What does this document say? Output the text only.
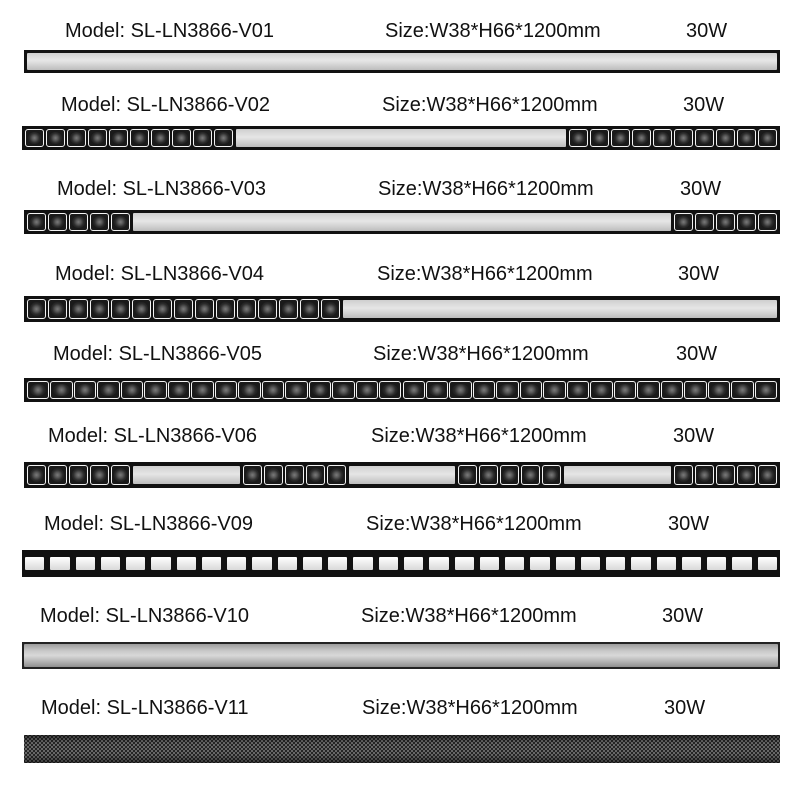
Model: SL-LN3866-V01	Size:W38*H66*1200mm	30W
Model: SL-LN3866-V02	Size:W38*H66*1200mm	30W
Model: SL-LN3866-V03	Size:W38*H66*1200mm	30W
Model: SL-LN3866-V04	Size:W38*H66*1200mm	30W
Model: SL-LN3866-V05	Size:W38*H66*1200mm	30W
Model: SL-LN3866-V06	Size:W38*H66*1200mm	30W
Model: SL-LN3866-V09	Size:W38*H66*1200mm	30W
Model: SL-LN3866-V10	Size:W38*H66*1200mm	30W
Model: SL-LN3866-V11	Size:W38*H66*1200mm	30W
